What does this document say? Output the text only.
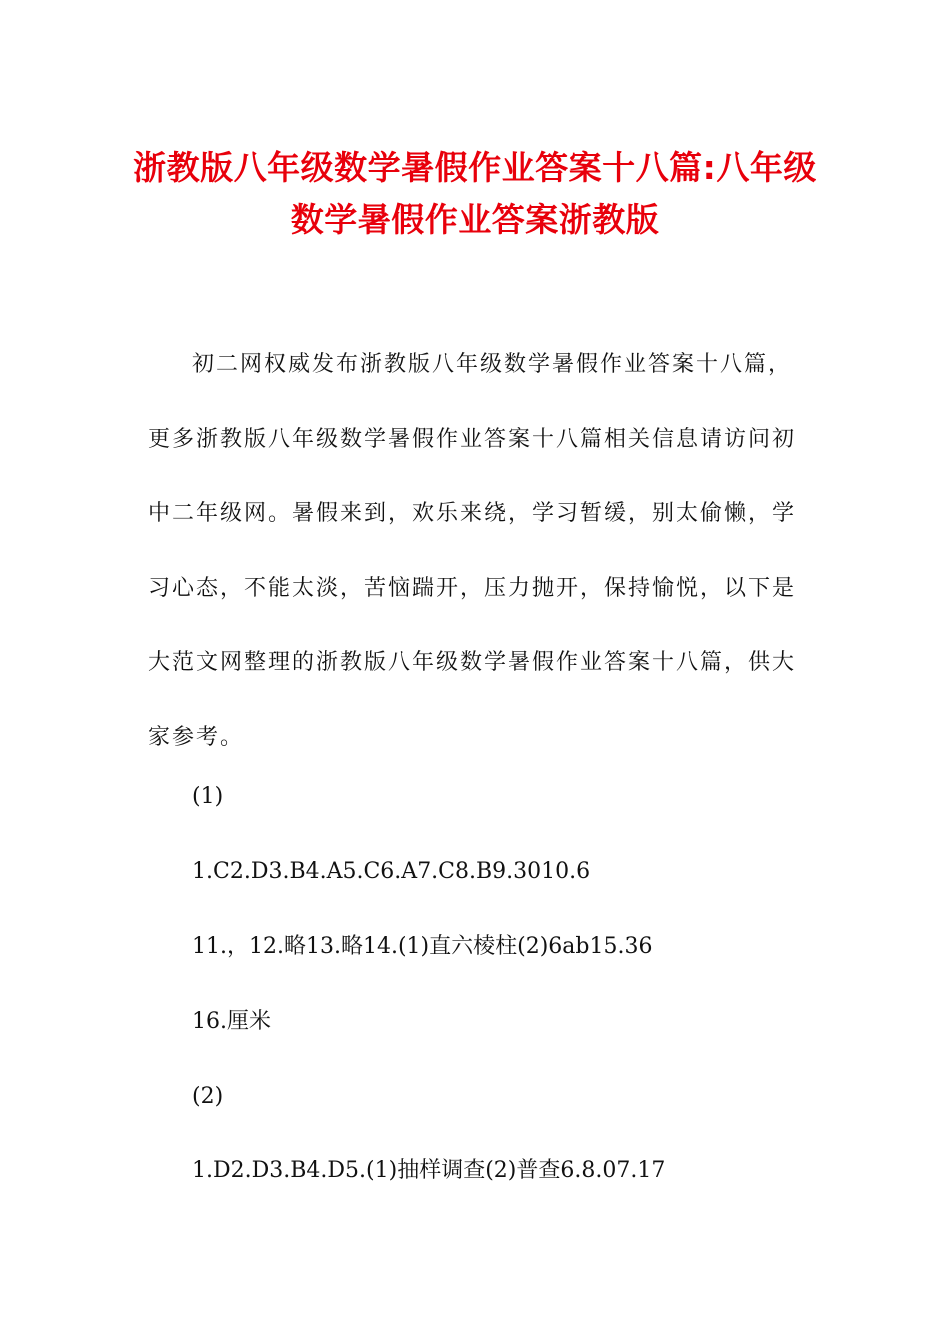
浙教版八年级数学暑假作业答案十八篇:八年级数学暑假作业答案浙教版

初二网权威发布浙教版八年级数学暑假作业答案十八篇，更多浙教版八年级数学暑假作业答案十八篇相关信息请访问初中二年级网。暑假来到，欢乐来绕，学习暂缓，别太偷懒，学习心态，不能太淡，苦恼踹开，压力抛开，保持愉悦，以下是大范文网整理的浙教版八年级数学暑假作业答案十八篇，供大家参考。

(1)

1.C2.D3.B4.A5.C6.A7.C8.B9.3010.6

11.，12.略13.略14.(1)直六棱柱(2)6ab15.36

16.厘米

(2)

1.D2.D3.B4.D5.(1)抽样调查(2)普查6.8.07.17
